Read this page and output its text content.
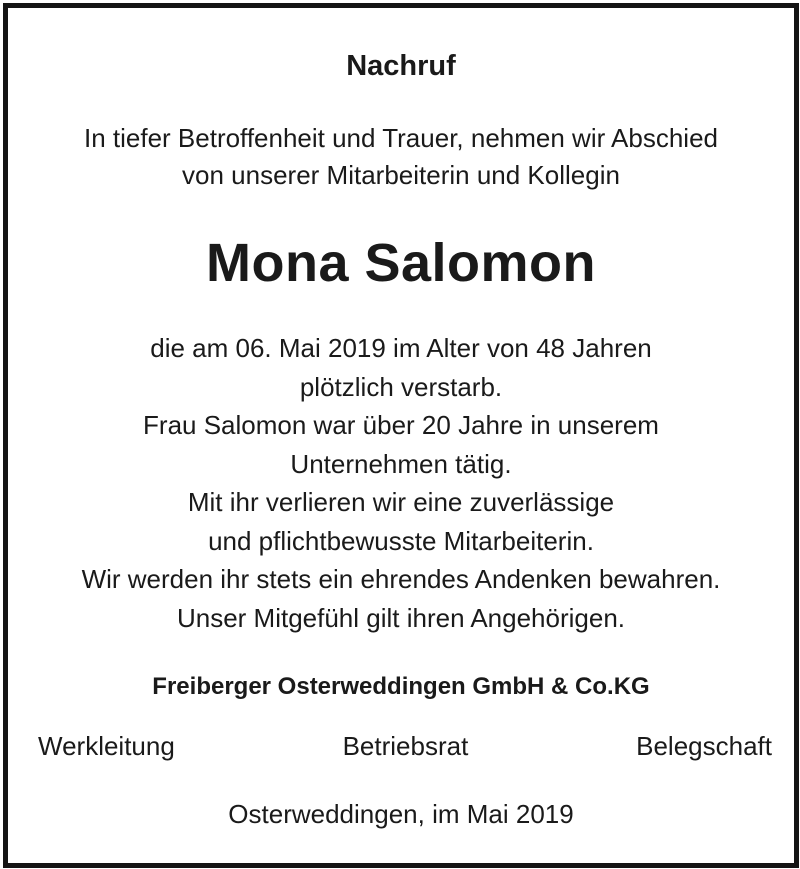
Nachruf
In tiefer Betroffenheit und Trauer, nehmen wir Abschied
von unserer Mitarbeiterin und Kollegin
Mona Salomon
die am 06. Mai 2019 im Alter von 48 Jahren
plötzlich verstarb.
Frau Salomon war über 20 Jahre in unserem
Unternehmen tätig.
Mit ihr verlieren wir eine zuverlässige
und pflichtbewusste Mitarbeiterin.
Wir werden ihr stets ein ehrendes Andenken bewahren.
Unser Mitgefühl gilt ihren Angehörigen.
Freiberger Osterweddingen GmbH & Co.KG
Werkleitung	Betriebsrat	Belegschaft
Osterweddingen, im Mai 2019
